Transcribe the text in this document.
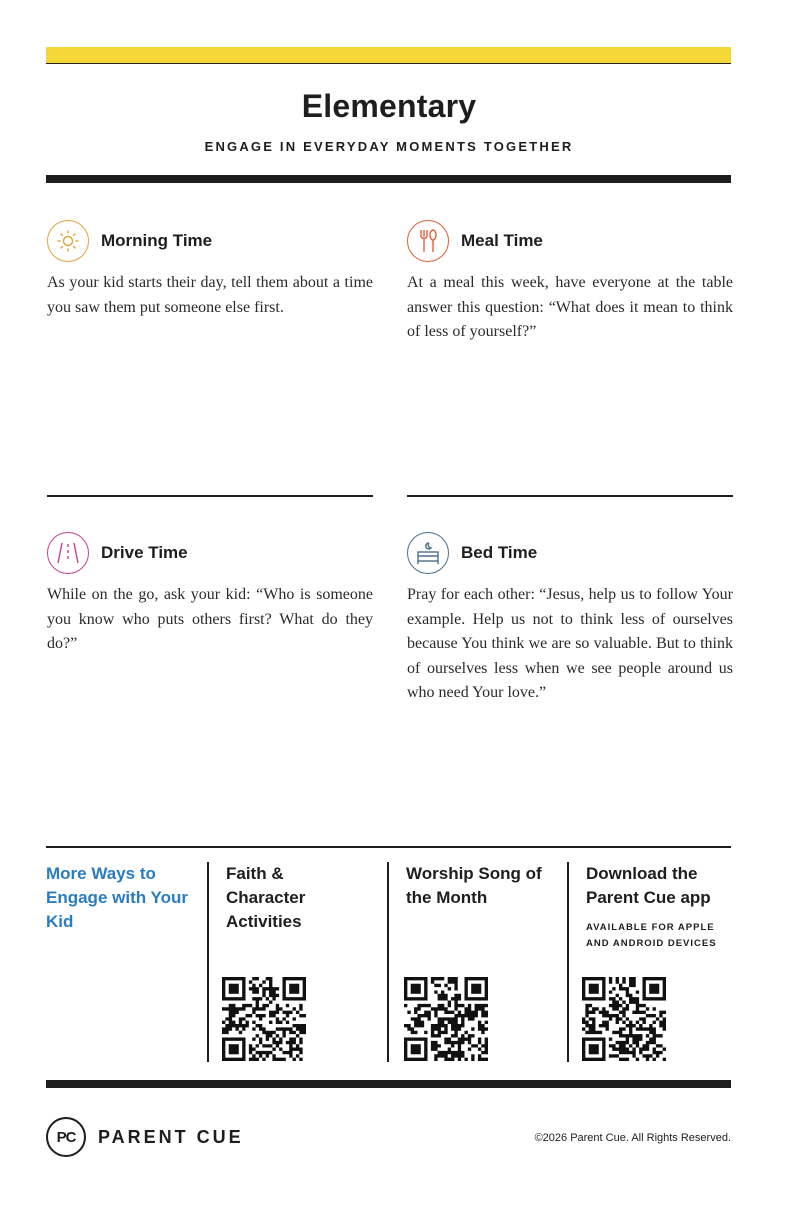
Elementary
ENGAGE IN EVERYDAY MOMENTS TOGETHER
Morning Time
As your kid starts their day, tell them about a time you saw them put someone else first.
Meal Time
At a meal this week, have everyone at the table answer this question: “What does it mean to think of less of yourself?”
Drive Time
While on the go, ask your kid: “Who is someone you know who puts others first? What do they do?”
Bed Time
Pray for each other: “Jesus, help us to follow Your example. Help us not to think less of ourselves because You think we are so valuable. But to think of ourselves less when we see people around us who need Your love.”
More Ways to Engage with Your Kid
Faith & Character Activities
Worship Song of the Month
Download the Parent Cue app
AVAILABLE FOR APPLE AND ANDROID DEVICES
PC	PARENT CUE	©2026 Parent Cue. All Rights Reserved.
